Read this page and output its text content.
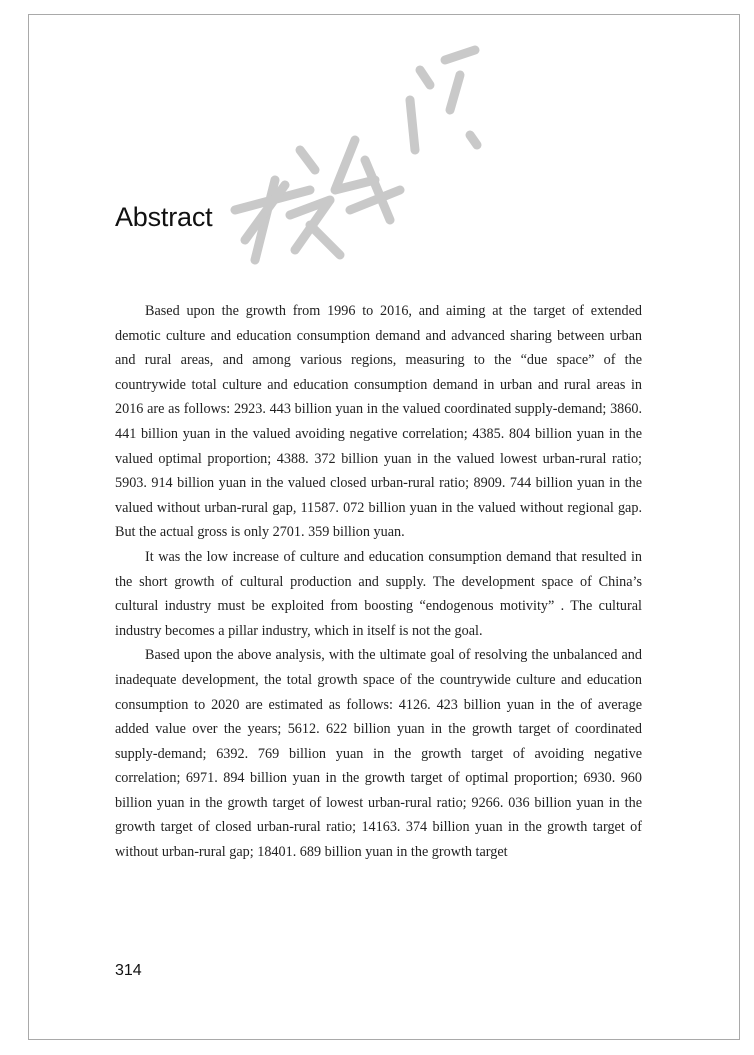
Abstract

Based upon the growth from 1996 to 2016, and aiming at the target of extended demotic culture and education consumption demand and advanced sharing between urban and rural areas, and among various regions, measuring to the “due space” of the countrywide total culture and education consumption demand in urban and rural areas in 2016 are as follows: 2923. 443 billion yuan in the valued coordinated supply-demand; 3860. 441 billion yuan in the valued avoiding negative correlation; 4385. 804 billion yuan in the valued optimal proportion; 4388. 372 billion yuan in the valued lowest urban-rural ratio; 5903. 914 billion yuan in the valued closed urban-rural ratio; 8909. 744 billion yuan in the valued without urban-rural gap, 11587. 072 billion yuan in the valued without regional gap. But the actual gross is only 2701. 359 billion yuan.

It was the low increase of culture and education consumption demand that resulted in the short growth of cultural production and supply. The development space of China’s cultural industry must be exploited from boosting “endogenous motivity” . The cultural industry becomes a pillar industry, which in itself is not the goal.

Based upon the above analysis, with the ultimate goal of resolving the unbalanced and inadequate development, the total growth space of the countrywide culture and education consumption to 2020 are estimated as follows: 4126. 423 billion yuan in the of average added value over the years; 5612. 622 billion yuan in the growth target of coordinated supply-demand; 6392. 769 billion yuan in the growth target of avoiding negative correlation; 6971. 894 billion yuan in the growth target of optimal proportion; 6930. 960 billion yuan in the growth target of lowest urban-rural ratio; 9266. 036 billion yuan in the growth target of closed urban-rural ratio; 14163. 374 billion yuan in the growth target of without urban-rural gap; 18401. 689 billion yuan in the growth target

314
